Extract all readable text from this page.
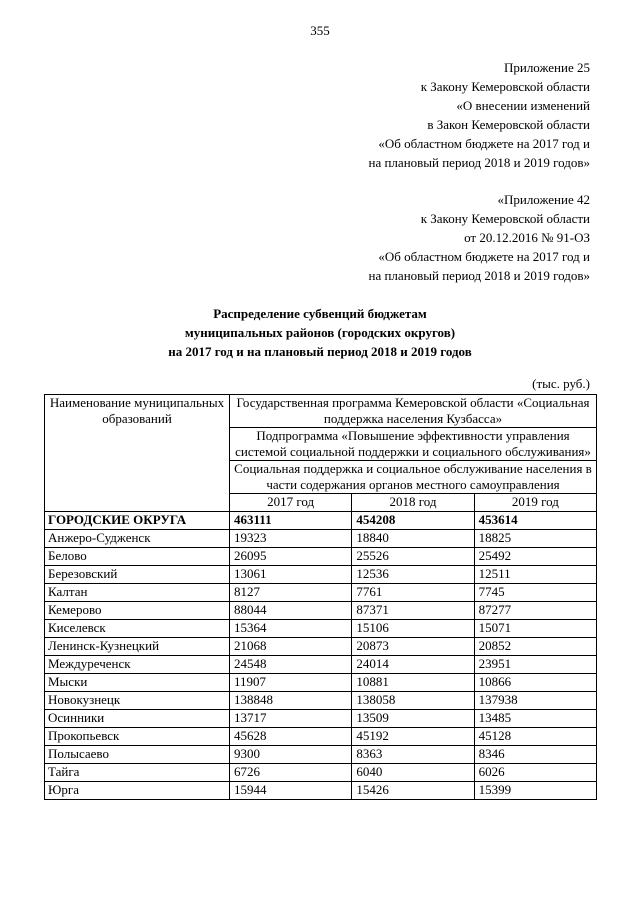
355
Приложение 25
к Закону Кемеровской области
«О внесении изменений
в Закон Кемеровской области
«Об областном бюджете на 2017 год и
на плановый период 2018 и 2019 годов»
«Приложение 42
к Закону Кемеровской области
от 20.12.2016 № 91-ОЗ
«Об областном бюджете на 2017 год и
на плановый период 2018 и 2019 годов»
Распределение субвенций бюджетам
муниципальных районов (городских округов)
на 2017 год и на плановый период 2018 и 2019 годов
(тыс. руб.)
Наименование муниципальных образований	Государственная программа Кемеровской области «Социальная поддержка населения Кузбасса»		
	Подпрограмма «Повышение эффективности управления системой социальной поддержки и социального обслуживания»		
	Социальная поддержка и социальное обслуживание населения в части содержания органов местного самоуправления		
	2017 год	2018 год	2019 год
ГОРОДСКИЕ ОКРУГА	463111	454208	453614
Анжеро-Судженск	19323	18840	18825
Белово	26095	25526	25492
Березовский	13061	12536	12511
Калтан	8127	7761	7745
Кемерово	88044	87371	87277
Киселевск	15364	15106	15071
Ленинск-Кузнецкий	21068	20873	20852
Междуреченск	24548	24014	23951
Мыски	11907	10881	10866
Новокузнецк	138848	138058	137938
Осинники	13717	13509	13485
Прокопьевск	45628	45192	45128
Полысаево	9300	8363	8346
Тайга	6726	6040	6026
Юрга	15944	15426	15399
